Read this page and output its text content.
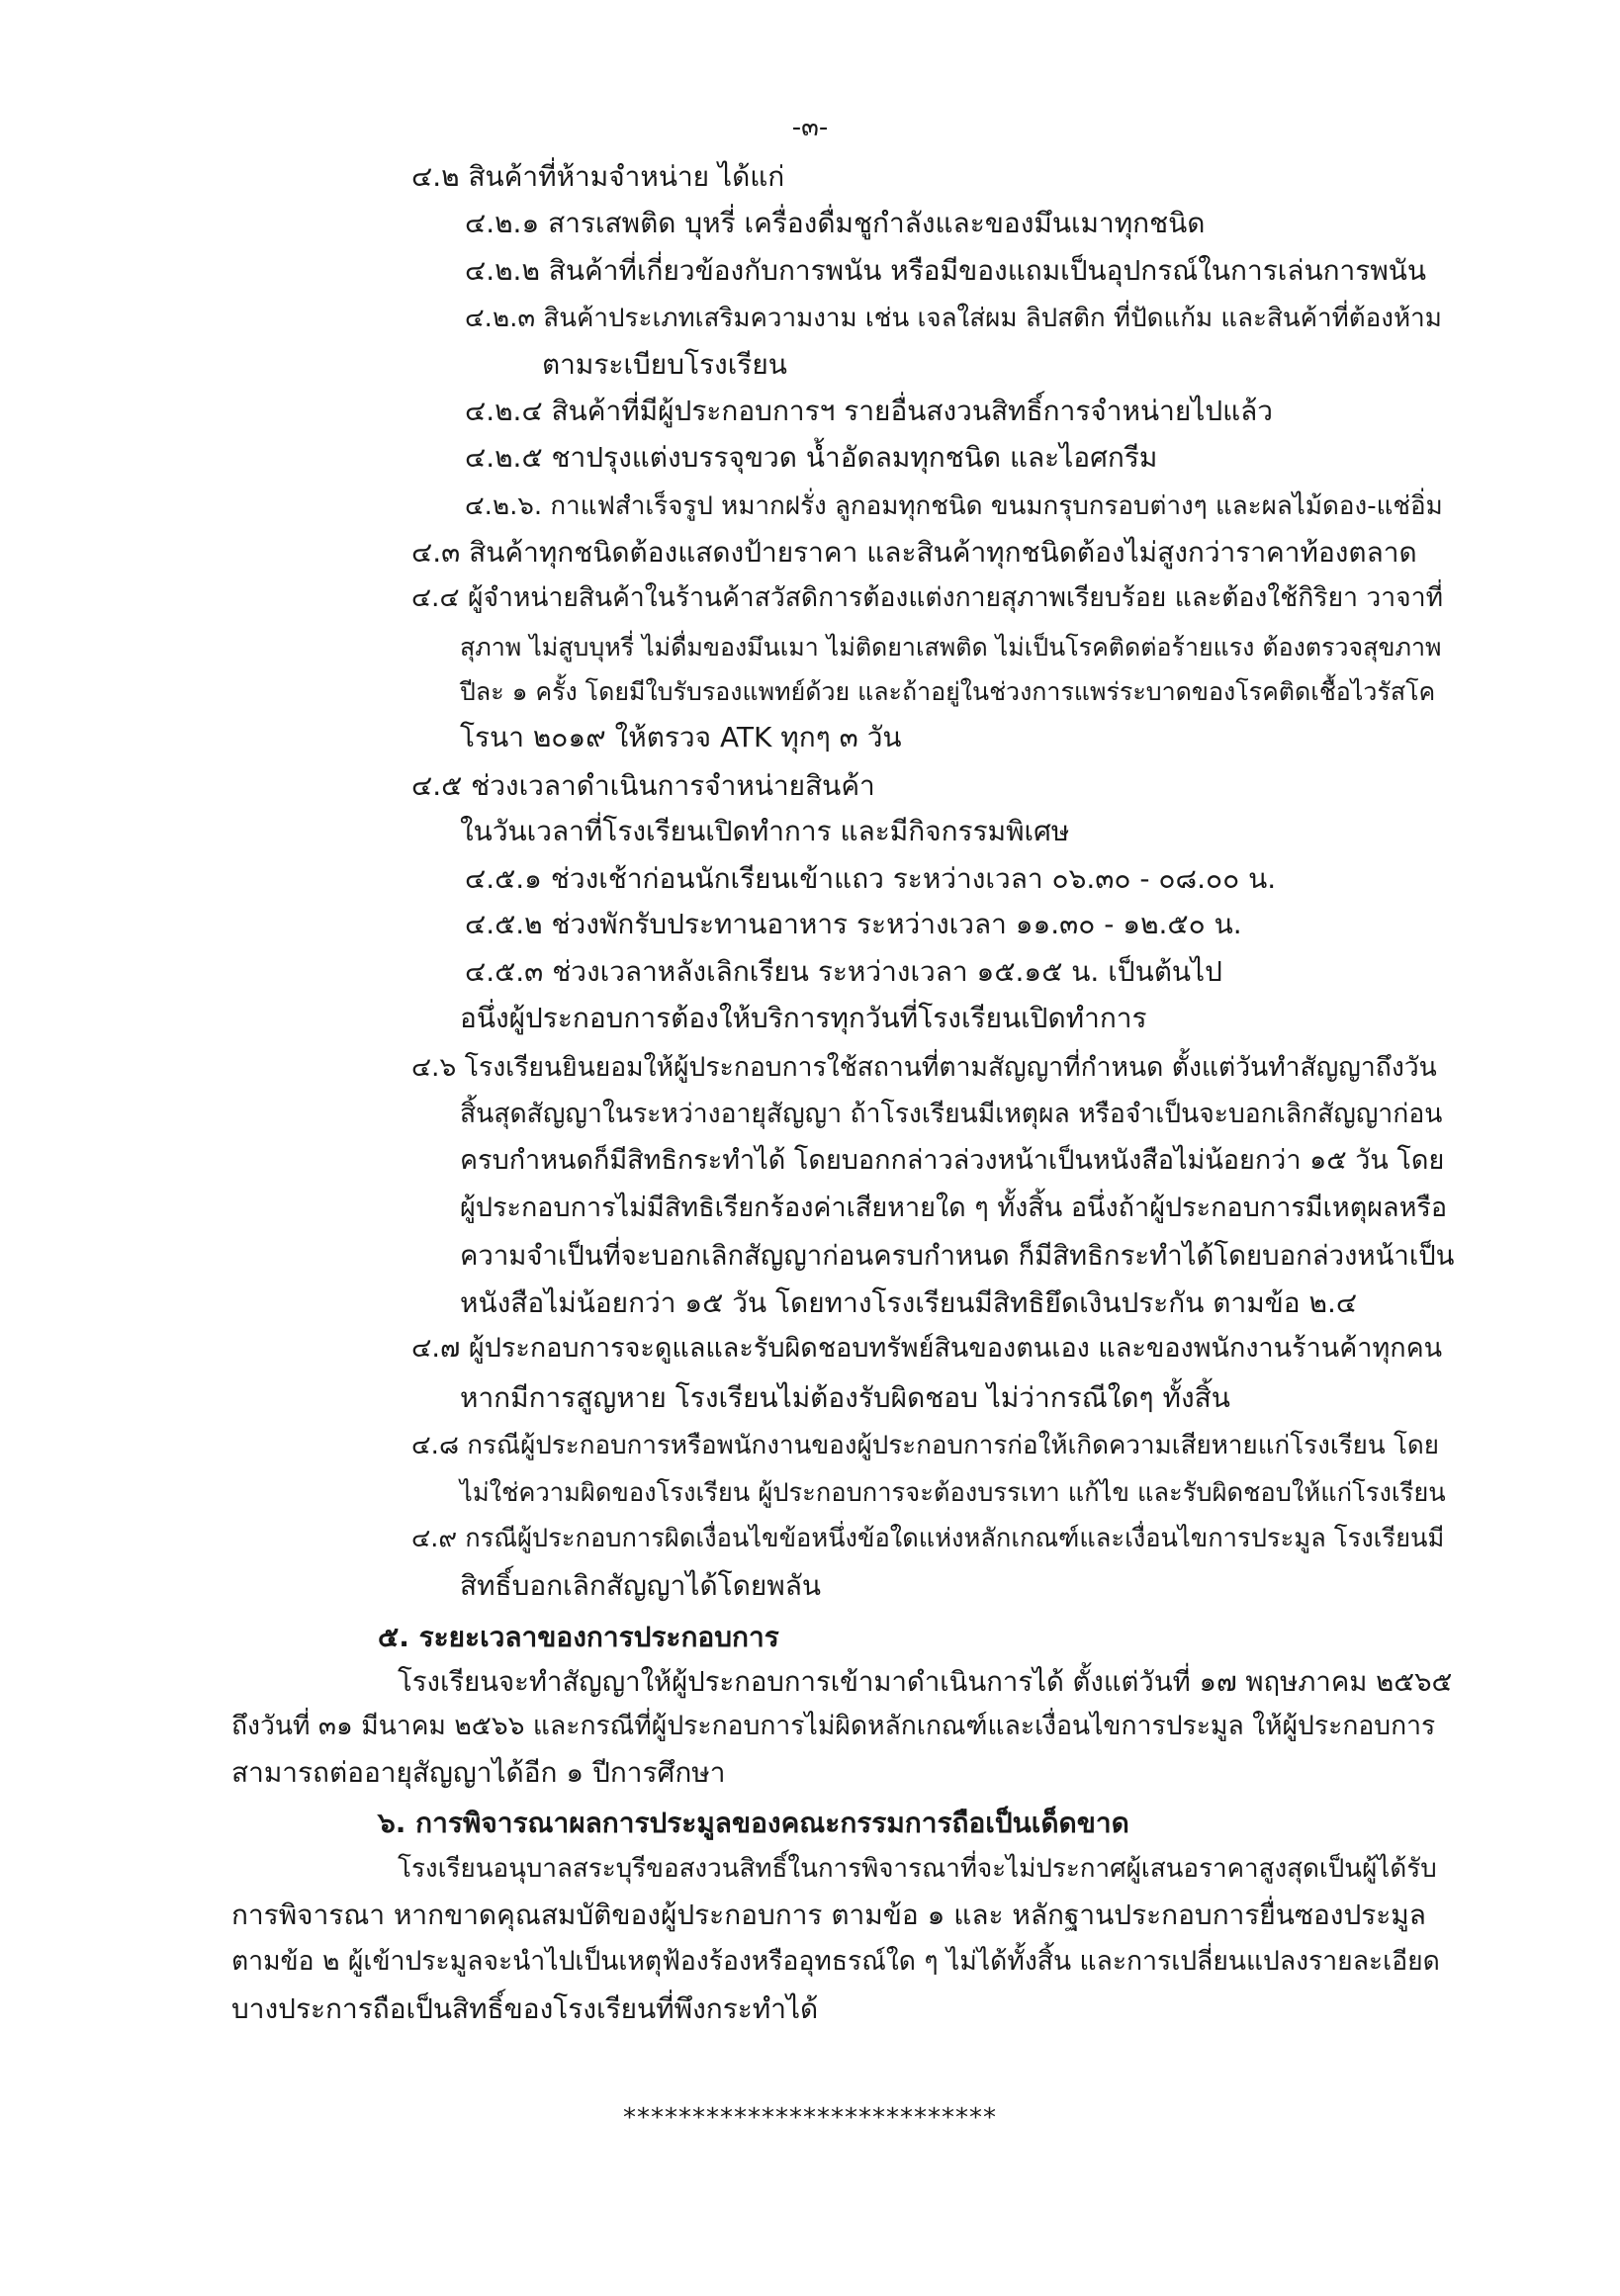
-๓-
๔.๒ สินค้าที่ห้ามจำหน่าย ได้แก่
๔.๒.๑ สารเสพติด บุหรี่ เครื่องดื่มชูกำลังและของมึนเมาทุกชนิด
๔.๒.๒ สินค้าที่เกี่ยวข้องกับการพนัน หรือมีของแถมเป็นอุปกรณ์ในการเล่นการพนัน
๔.๒.๓ สินค้าประเภทเสริมความงาม เช่น เจลใส่ผม ลิปสติก ที่ปัดแก้ม และสินค้าที่ต้องห้าม
ตามระเบียบโรงเรียน
๔.๒.๔ สินค้าที่มีผู้ประกอบการฯ รายอื่นสงวนสิทธิ์การจำหน่ายไปแล้ว
๔.๒.๕ ชาปรุงแต่งบรรจุขวด น้ำอัดลมทุกชนิด และไอศกรีม
๔.๒.๖. กาแฟสำเร็จรูป หมากฝรั่ง ลูกอมทุกชนิด ขนมกรุบกรอบต่างๆ และผลไม้ดอง-แช่อิ่ม
๔.๓ สินค้าทุกชนิดต้องแสดงป้ายราคา และสินค้าทุกชนิดต้องไม่สูงกว่าราคาท้องตลาด
๔.๔ ผู้จำหน่ายสินค้าในร้านค้าสวัสดิการต้องแต่งกายสุภาพเรียบร้อย และต้องใช้กิริยา วาจาที่
สุภาพ ไม่สูบบุหรี่ ไม่ดื่มของมึนเมา ไม่ติดยาเสพติด ไม่เป็นโรคติดต่อร้ายแรง ต้องตรวจสุขภาพ
ปีละ ๑ ครั้ง โดยมีใบรับรองแพทย์ด้วย และถ้าอยู่ในช่วงการแพร่ระบาดของโรคติดเชื้อไวรัสโค
โรนา ๒๐๑๙ ให้ตรวจ ATK ทุกๆ ๓ วัน
๔.๕ ช่วงเวลาดำเนินการจำหน่ายสินค้า
ในวันเวลาที่โรงเรียนเปิดทำการ และมีกิจกรรมพิเศษ
๔.๕.๑ ช่วงเช้าก่อนนักเรียนเข้าแถว ระหว่างเวลา ๐๖.๓๐ - ๐๘.๐๐ น.
๔.๕.๒ ช่วงพักรับประทานอาหาร ระหว่างเวลา ๑๑.๓๐ - ๑๒.๕๐ น.
๔.๕.๓ ช่วงเวลาหลังเลิกเรียน ระหว่างเวลา ๑๕.๑๕ น. เป็นต้นไป
อนึ่งผู้ประกอบการต้องให้บริการทุกวันที่โรงเรียนเปิดทำการ
๔.๖ โรงเรียนยินยอมให้ผู้ประกอบการใช้สถานที่ตามสัญญาที่กำหนด ตั้งแต่วันทำสัญญาถึงวัน
สิ้นสุดสัญญาในระหว่างอายุสัญญา ถ้าโรงเรียนมีเหตุผล หรือจำเป็นจะบอกเลิกสัญญาก่อน
ครบกำหนดก็มีสิทธิกระทำได้ โดยบอกกล่าวล่วงหน้าเป็นหนังสือไม่น้อยกว่า ๑๕ วัน โดย
ผู้ประกอบการไม่มีสิทธิเรียกร้องค่าเสียหายใด ๆ ทั้งสิ้น อนึ่งถ้าผู้ประกอบการมีเหตุผลหรือ
ความจำเป็นที่จะบอกเลิกสัญญาก่อนครบกำหนด ก็มีสิทธิกระทำได้โดยบอกล่วงหน้าเป็น
หนังสือไม่น้อยกว่า ๑๕ วัน โดยทางโรงเรียนมีสิทธิยึดเงินประกัน ตามข้อ ๒.๔
๔.๗ ผู้ประกอบการจะดูแลและรับผิดชอบทรัพย์สินของตนเอง และของพนักงานร้านค้าทุกคน
หากมีการสูญหาย โรงเรียนไม่ต้องรับผิดชอบ ไม่ว่ากรณีใดๆ ทั้งสิ้น
๔.๘ กรณีผู้ประกอบการหรือพนักงานของผู้ประกอบการก่อให้เกิดความเสียหายแก่โรงเรียน โดย
ไม่ใช่ความผิดของโรงเรียน ผู้ประกอบการจะต้องบรรเทา แก้ไข และรับผิดชอบให้แก่โรงเรียน
๔.๙ กรณีผู้ประกอบการผิดเงื่อนไขข้อหนึ่งข้อใดแห่งหลักเกณฑ์และเงื่อนไขการประมูล โรงเรียนมี
สิทธิ์บอกเลิกสัญญาได้โดยพลัน
๕. ระยะเวลาของการประกอบการ
โรงเรียนจะทำสัญญาให้ผู้ประกอบการเข้ามาดำเนินการได้ ตั้งแต่วันที่ ๑๗ พฤษภาคม ๒๕๖๕
ถึงวันที่ ๓๑ มีนาคม ๒๕๖๖ และกรณีที่ผู้ประกอบการไม่ผิดหลักเกณฑ์และเงื่อนไขการประมูล ให้ผู้ประกอบการ
สามารถต่ออายุสัญญาได้อีก ๑ ปีการศึกษา
๖. การพิจารณาผลการประมูลของคณะกรรมการถือเป็นเด็ดขาด
โรงเรียนอนุบาลสระบุรีขอสงวนสิทธิ์ในการพิจารณาที่จะไม่ประกาศผู้เสนอราคาสูงสุดเป็นผู้ได้รับ
การพิจารณา หากขาดคุณสมบัติของผู้ประกอบการ ตามข้อ ๑ และ หลักฐานประกอบการยื่นซองประมูล
ตามข้อ ๒ ผู้เข้าประมูลจะนำไปเป็นเหตุฟ้องร้องหรืออุทธรณ์ใด ๆ ไม่ได้ทั้งสิ้น และการเปลี่ยนแปลงรายละเอียด
บางประการถือเป็นสิทธิ์ของโรงเรียนที่พึงกระทำได้
***************************
